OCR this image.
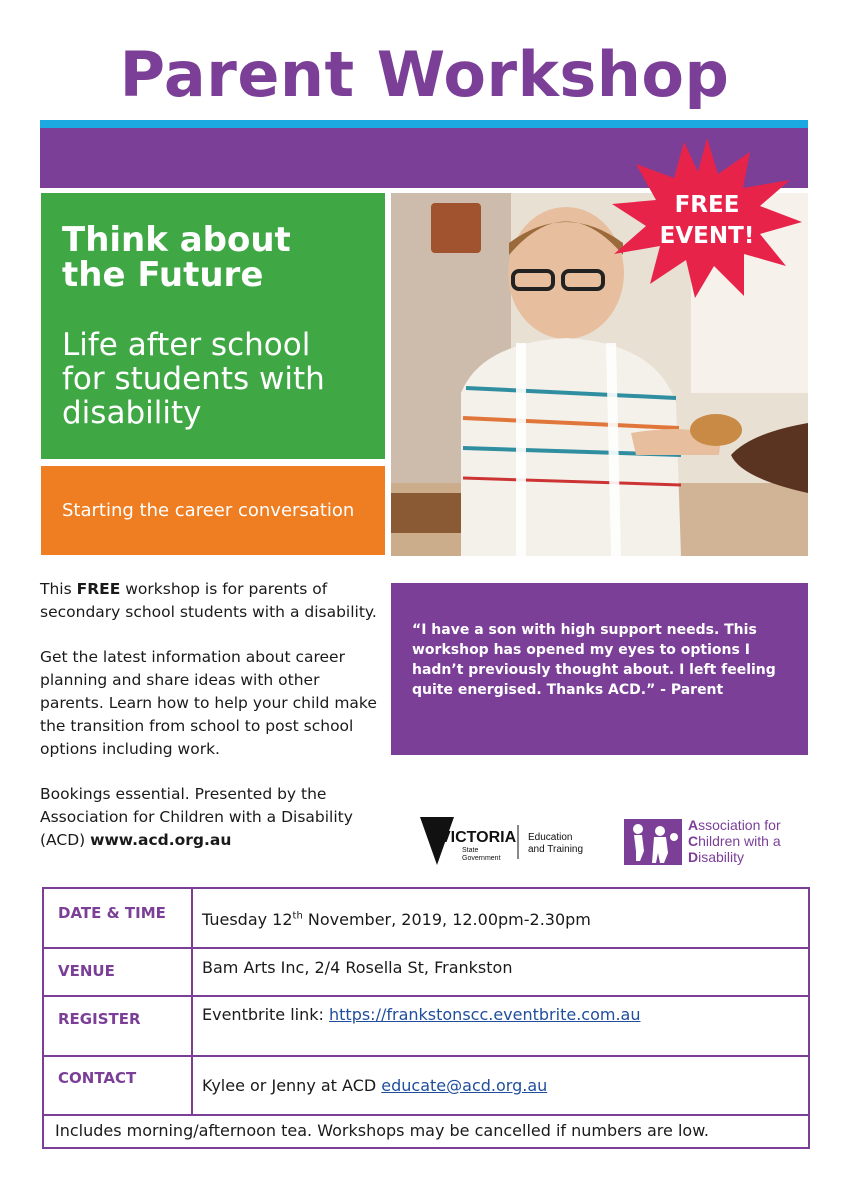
Parent Workshop
Think about
the Future

Life after school
for students with
disability

Starting the career conversation
FREE
EVENT!

This FREE workshop is for parents of secondary school students with a disability.

Get the latest information about career planning and share ideas with other parents. Learn how to help your child make the transition from school to post school options including work.

Bookings essential. Presented by the Association for Children with a Disability (ACD) www.acd.org.au

“I have a son with high support needs. This workshop has opened my eyes to options I hadn’t previously thought about. I left feeling quite energised. Thanks ACD.” - Parent
VICTORIA
State
Government
Education
and Training
Association for
Children with a
Disability
DATE & TIME	Tuesday 12th November, 2019, 12.00pm-2.30pm
VENUE	Bam Arts Inc, 2/4 Rosella St, Frankston
REGISTER	Eventbrite link: https://frankstonscc.eventbrite.com.au
CONTACT	Kylee or Jenny at ACD educate@acd.org.au
Includes morning/afternoon tea. Workshops may be cancelled if numbers are low.
